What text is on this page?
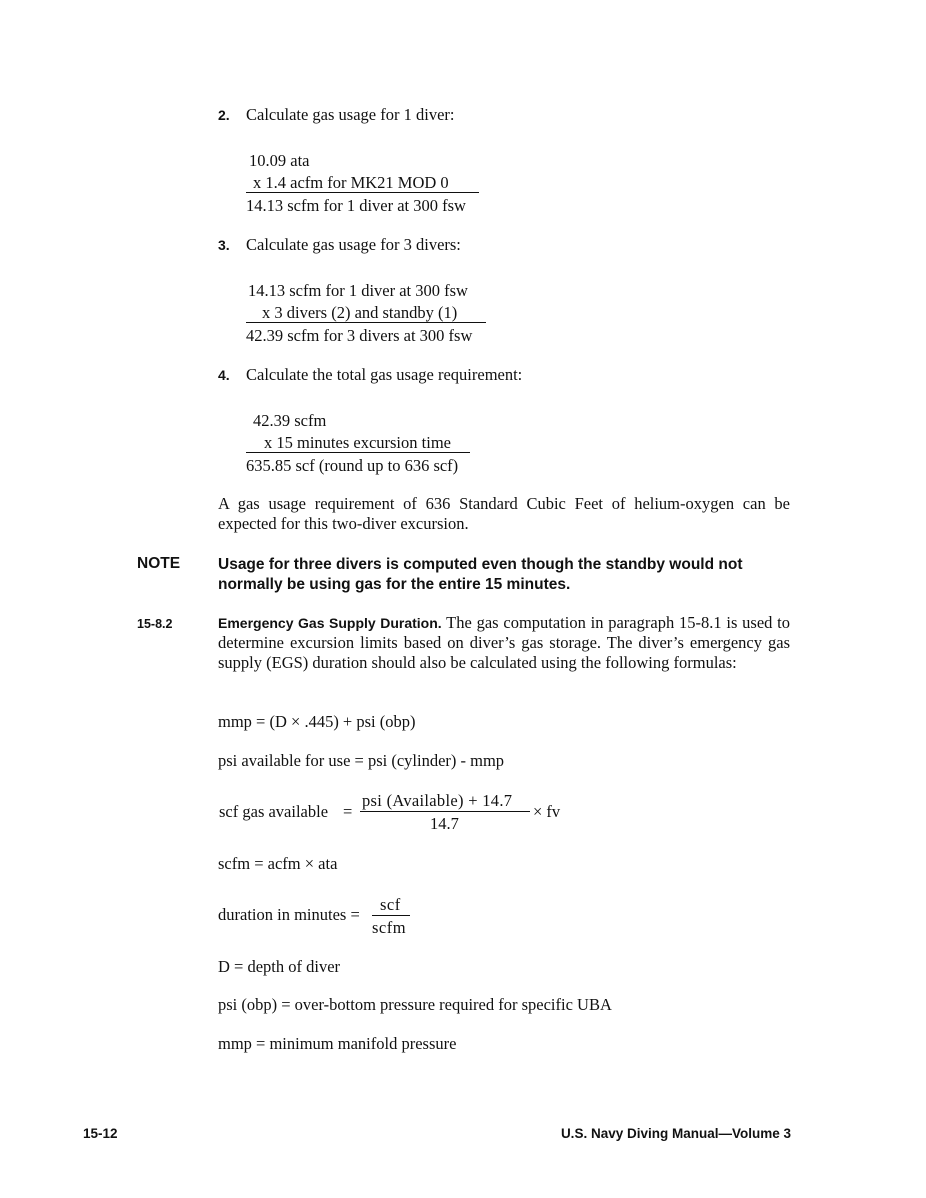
2. Calculate gas usage for 1 diver:
10.09 ata
x 1.4 acfm for MK21 MOD 0
14.13 scfm for 1 diver at 300 fsw
3. Calculate gas usage for 3 divers:
14.13 scfm for 1 diver at 300 fsw
x 3 divers (2) and standby (1)
42.39 scfm for 3 divers at 300 fsw
4. Calculate the total gas usage requirement:
42.39 scfm
x 15 minutes excursion time
635.85 scf (round up to 636 scf)
A gas usage requirement of 636 Standard Cubic Feet of helium-oxygen can be expected for this two-diver excursion.
NOTE Usage for three divers is computed even though the standby would not normally be using gas for the entire 15 minutes.
15-8.2	Emergency Gas Supply Duration. The gas computation in paragraph 15-8.1 is used to determine excursion limits based on diver’s gas storage. The diver’s emergency gas supply (EGS) duration should also be calculated using the following formulas:
mmp = (D × .445) + psi (obp)
psi available for use = psi (cylinder) - mmp
scf gas available =
psi (Available) + 14.7
14.7
× fv
scfm = acfm × ata
duration in minutes =
scf
scfm
D = depth of diver
psi (obp) = over-bottom pressure required for specific UBA
mmp = minimum manifold pressure
15-12	U.S. Navy Diving Manual—Volume 3
